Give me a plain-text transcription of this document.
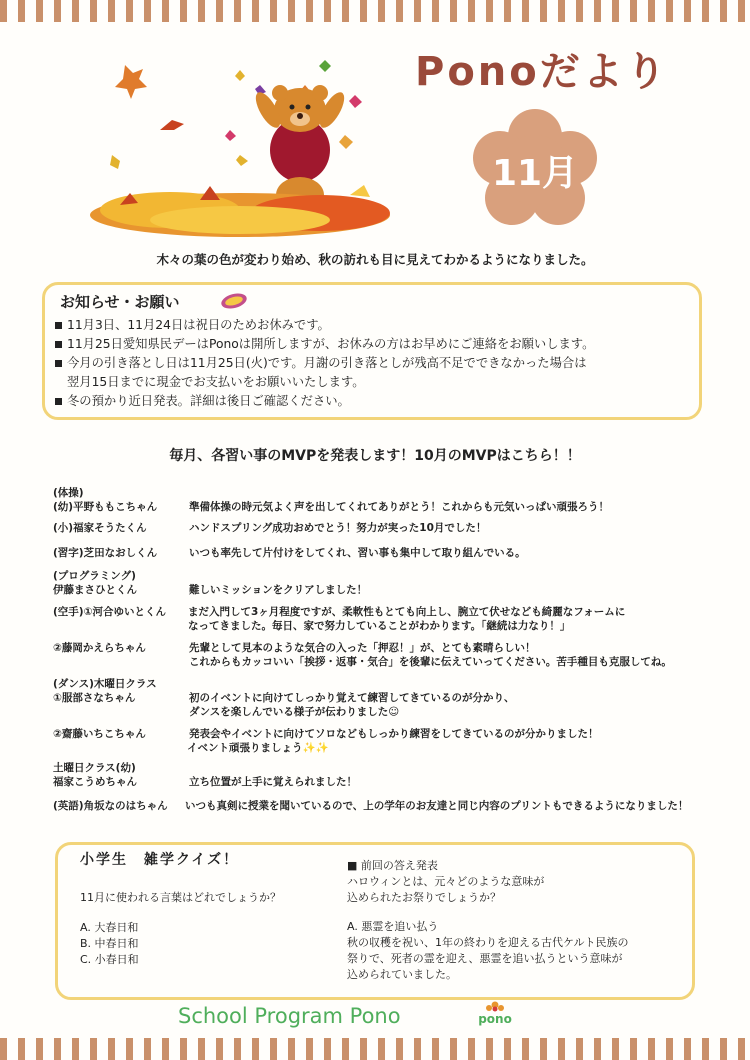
Ponoだより
11月
木々の葉の色が変わり始め、秋の訪れも目に見えてわかるようになりました。
お知らせ・お願い
11月3日、11月24日は祝日のためお休みです。
11月25日愛知県民デーはPonoは開所しますが、お休みの方はお早めにご連絡をお願いします。
今月の引き落とし日は11月25日(火)です。月謝の引き落としが残高不足でできなかった場合は
翌月15日までに現金でお支払いをお願いいたします。
冬の預かり近日発表。詳細は後日ご確認ください。
毎月、各習い事のMVPを発表します！10月のMVPはこちら！！
(体操)
(幼)平野ももこちゃん	準備体操の時元気よく声を出してくれてありがとう！これからも元気いっぱい頑張ろう！
(小)福家そうたくん	ハンドスプリング成功おめでとう！努力が実った10月でした！
(習字)芝田なおしくん	いつも率先して片付けをしてくれ、習い事も集中して取り組んでいる。
(プログラミング)
伊藤まさひとくん	難しいミッションをクリアしました！
(空手)①河合ゆいとくん まだ入門して3ヶ月程度ですが、柔軟性もとても向上し、腕立て伏せなども綺麗なフォームに
なってきました。毎日、家で努力していることがわかります。「継続は力なり！」
②藤岡かえらちゃん	先輩として見本のような気合の入った「押忍！」が、とても素晴らしい！
これからもカッコいい「挨拶・返事・気合」を後輩に伝えていってください。苦手種目も克服してね。
(ダンス)木曜日クラス
①服部さなちゃん	初のイベントに向けてしっかり覚えて練習してきているのが分かり、
ダンスを楽しんでいる様子が伝わりました☺
②齋藤いちこちゃん	発表会やイベントに向けてソロなどもしっかり練習をしてきているのが分かりました！
イベント頑張りましょう✨✨
土曜日クラス(幼)
福家こうめちゃん	立ち位置が上手に覚えられました！
(英語)角坂なのはちゃん いつも真剣に授業を聞いているので、上の学年のお友達と同じ内容のプリントもできるようになりました！
小学生　雑学クイズ！
11月に使われる言葉はどれでしょうか？
A. 大春日和
B. 中春日和
C. 小春日和
■ 前回の答え発表
ハロウィンとは、元々どのような意味が
込められたお祭りでしょうか？
A. 悪霊を追い払う
秋の収穫を祝い、1年の終わりを迎える古代ケルト民族の
祭りで、死者の霊を迎え、悪霊を追い払うという意味が
込められていました。
School Program Pono	pono
